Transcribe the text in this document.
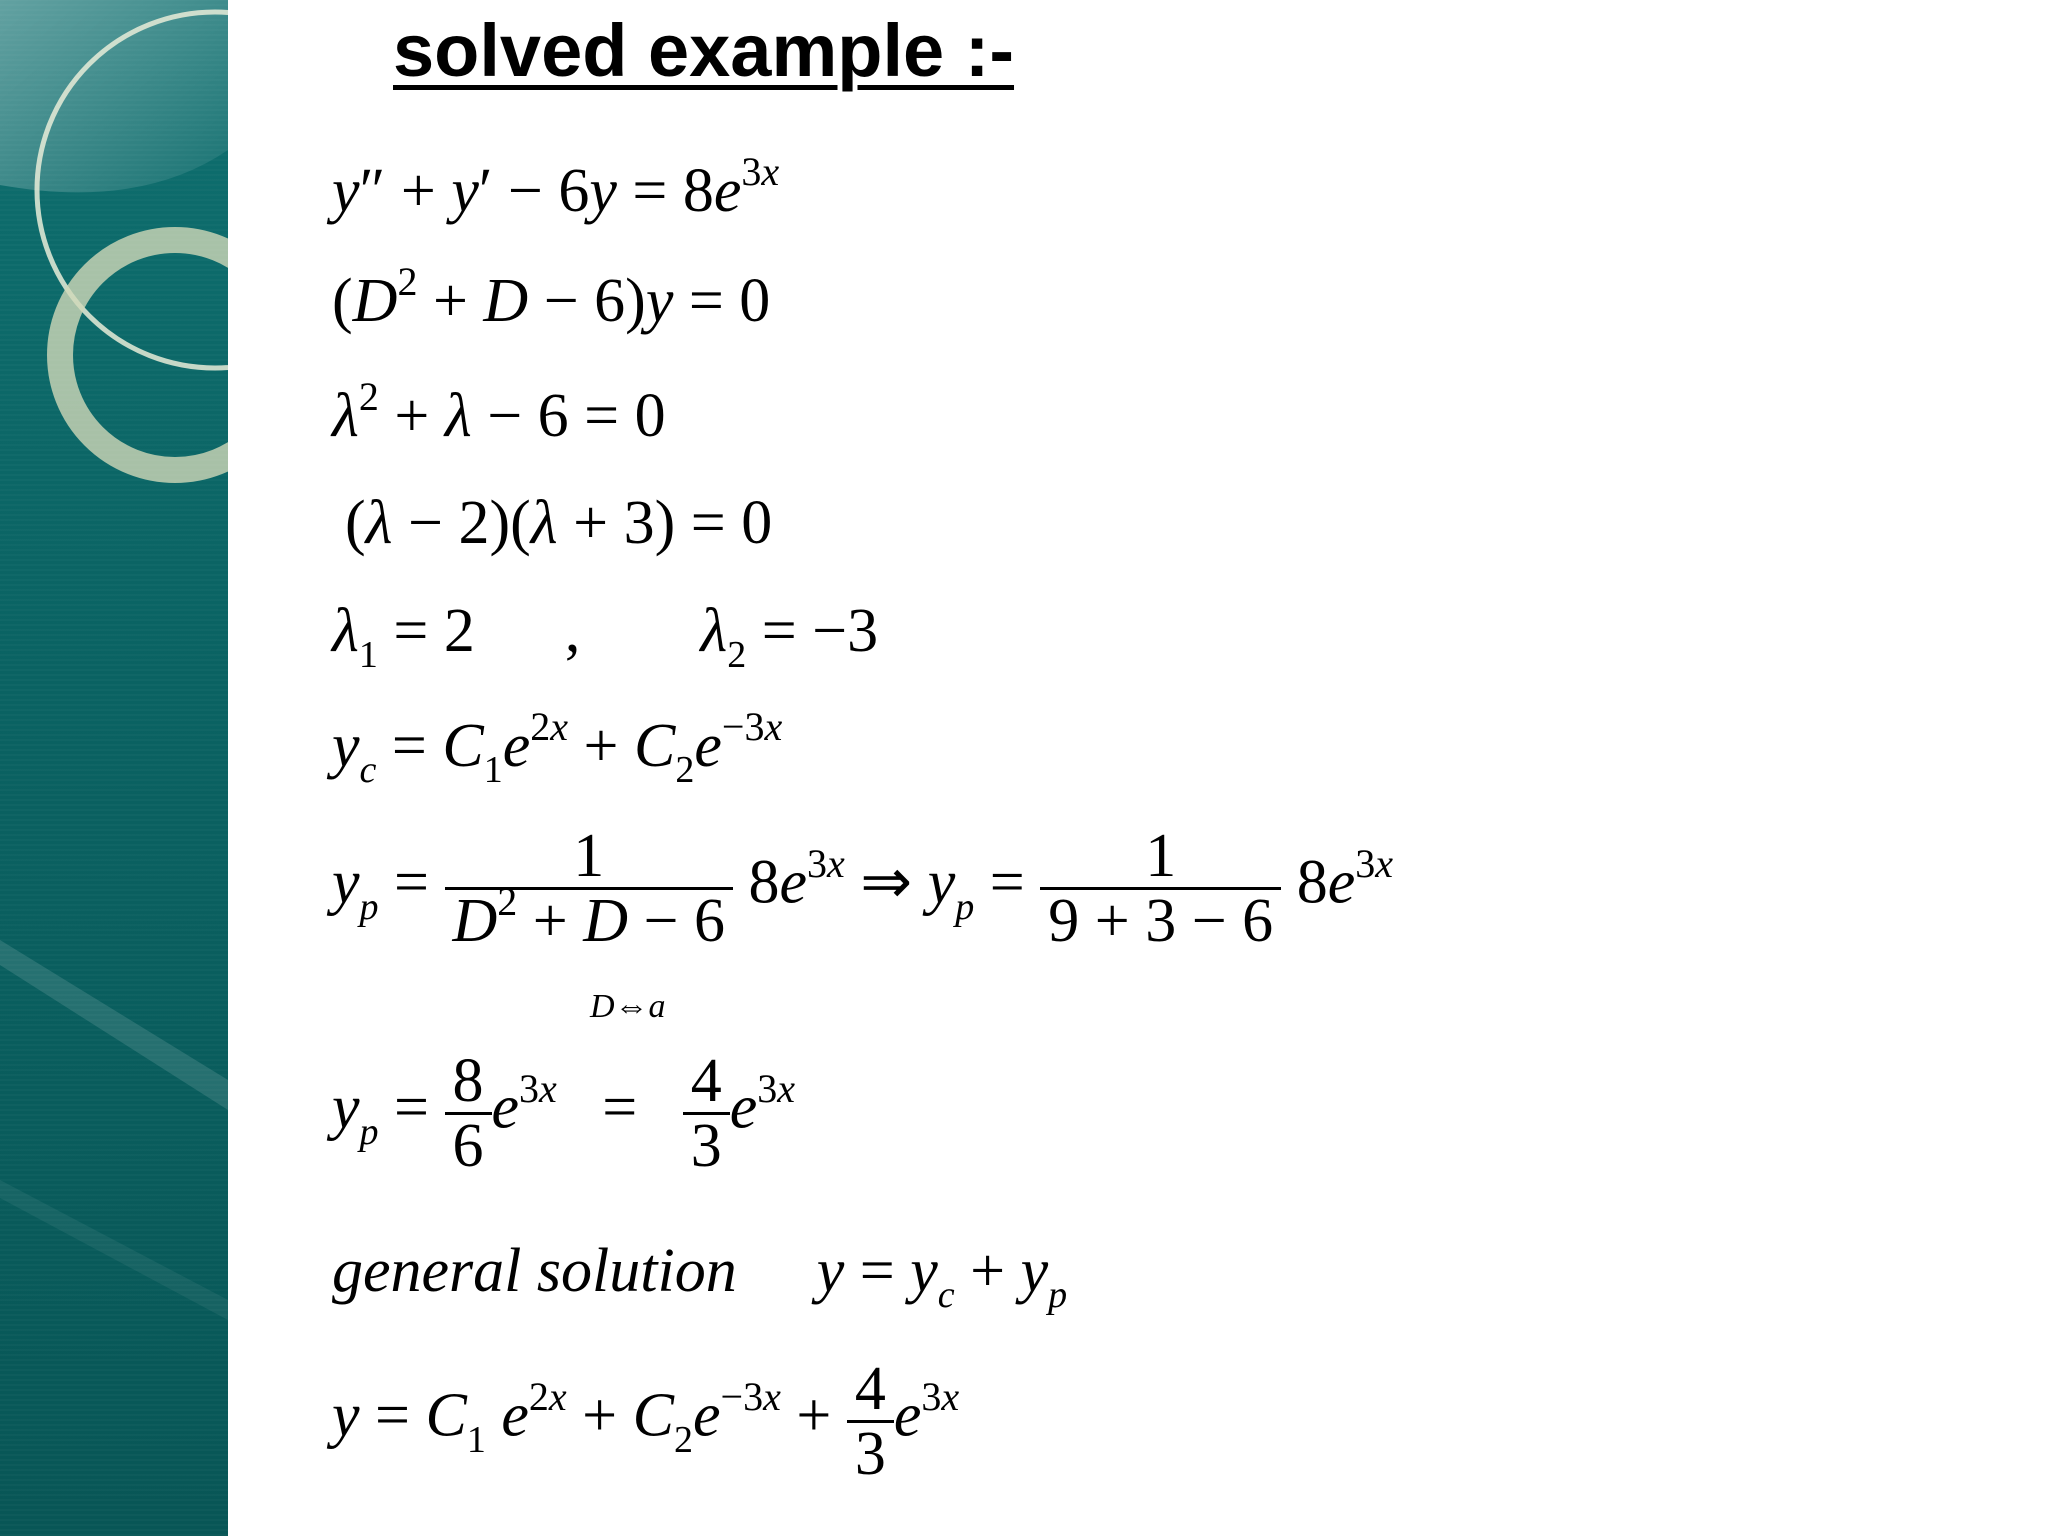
solved example :-
$y'' + y' - 6y = 8e^{3x}$
$(D^2 + D - 6)y = 0$
$\lambda^2 + \lambda - 6 = 0$
(λ − 2)(λ + 3) = 0
$\lambda_1 = 2$ , $\lambda_2 = -3$
$y_c = C_1e^{2x} + C_2e^{-3x}$
$y_p = \frac{1}{D^2 + D - 6} 8e^{3x}$ ⇒ $y_p = \frac{1}{9 + 3 - 6} 8e^{3x}$
D⇔a
$y_p = \frac{8}{6} e^{3x} = \frac{4}{3} e^{3x}$
general solution $y = y_c + y_p$
$y = C_1$ $e^{2x} + C_2e^{-3x} + \frac{4}{3} e^{3x}$
